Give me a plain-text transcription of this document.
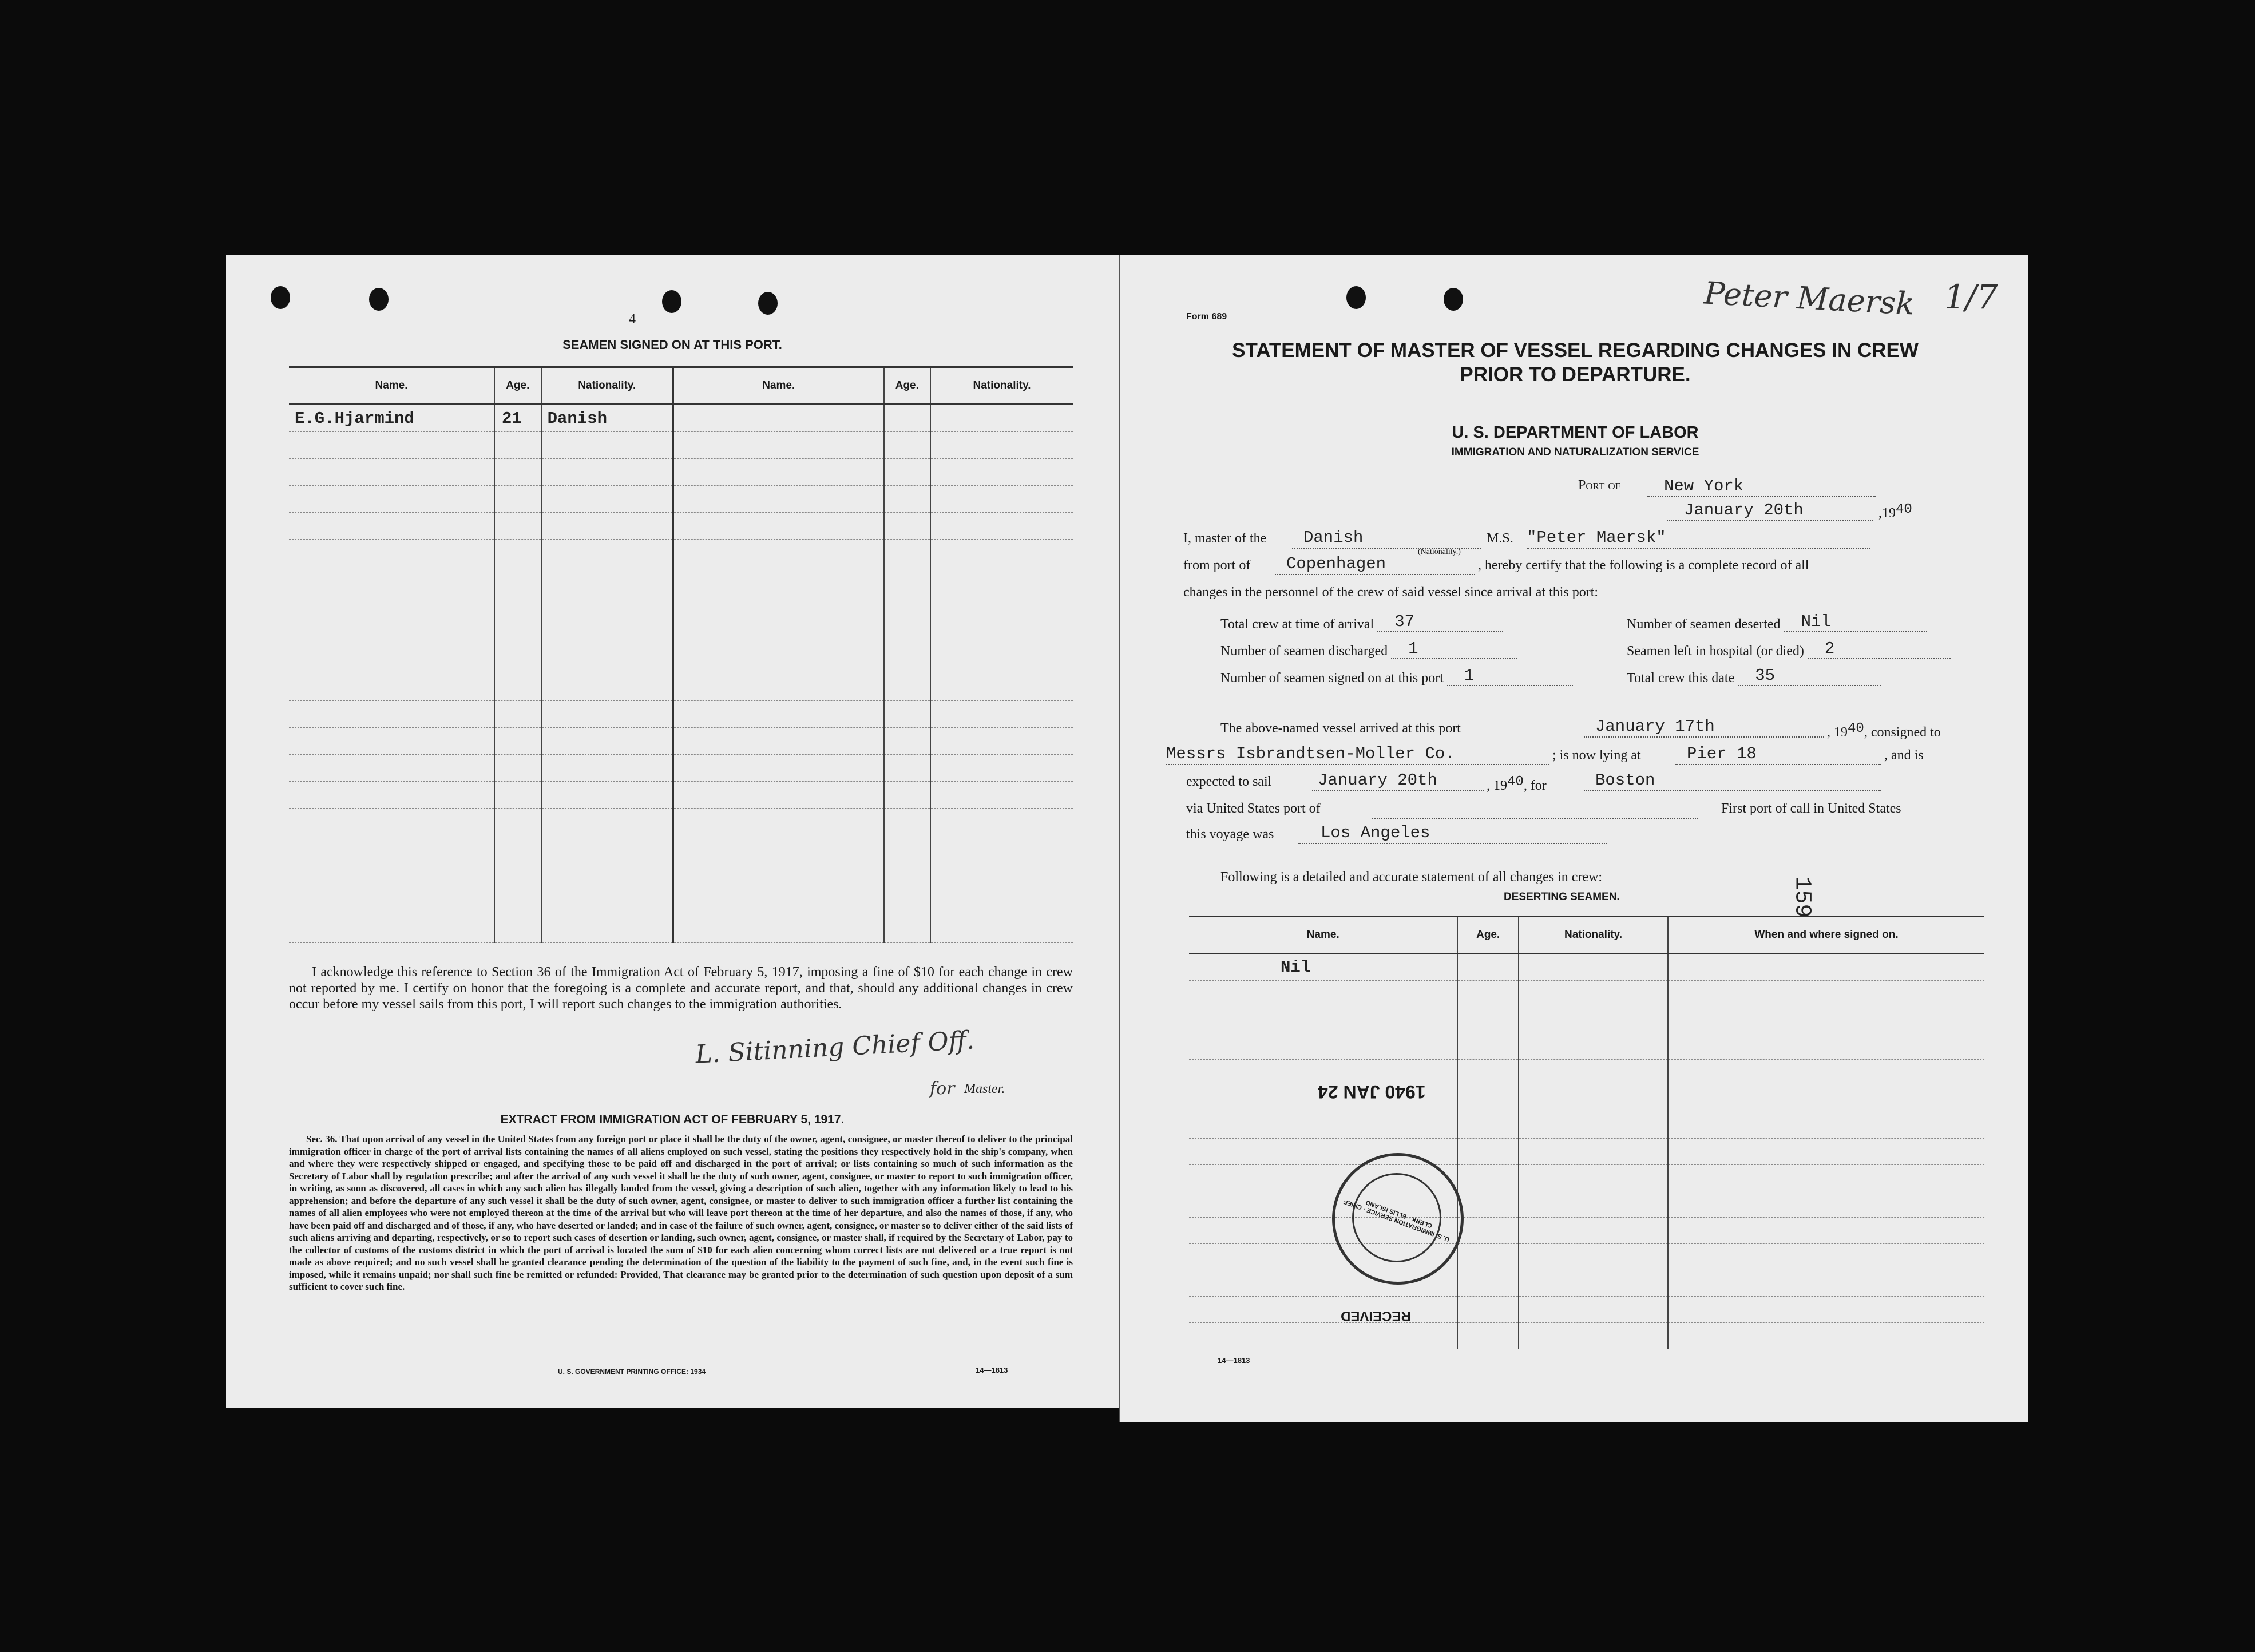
4
SEAMEN SIGNED ON AT THIS PORT.
Name.	Age.	Nationality.	Name.	Age.	Nationality.
E.G.Hjarmind	21	Danish			

I acknowledge this reference to Section 36 of the Immigration Act of February 5, 1917, imposing a fine of $10 for each change in crew not reported by me. I certify on honor that the foregoing is a complete and accurate report, and that, should any additional changes in crew occur before my vessel sails from this port, I will report such changes to the immigration authorities.
L. Sitinning Chief Off.
for Master.
EXTRACT FROM IMMIGRATION ACT OF FEBRUARY 5, 1917.
Sec. 36. That upon arrival of any vessel in the United States from any foreign port or place it shall be the duty of the owner, agent, consignee, or master thereof to deliver to the principal immigration officer in charge of the port of arrival lists containing the names of all aliens employed on such vessel, stating the positions they respectively hold in the ship's company, when and where they were respectively shipped or engaged, and specifying those to be paid off and discharged in the port of arrival; or lists containing so much of such information as the Secretary of Labor shall by regulation prescribe; and after the arrival of any such vessel it shall be the duty of such owner, agent, consignee, or master to report to such immigration officer, in writing, as soon as discovered, all cases in which any such alien has illegally landed from the vessel, giving a description of such alien, together with any information likely to lead to his apprehension; and before the departure of any such vessel it shall be the duty of such owner, agent, consignee, or master to deliver to such immigration officer a further list containing the names of all alien employees who were not employed thereon at the time of the arrival but who will leave port thereon at the time of her departure, and also the names of those, if any, who have been paid off and discharged and of those, if any, who have deserted or landed; and in case of the failure of such owner, agent, consignee, or master so to deliver either of the said lists of such aliens arriving and departing, respectively, or so to report such cases of desertion or landing, such owner, agent, consignee, or master shall, if required by the Secretary of Labor, pay to the collector of customs of the customs district in which the port of arrival is located the sum of $10 for each alien concerning whom correct lists are not delivered or a true report is not made as above required; and no such vessel shall be granted clearance pending the determination of the question of the liability to the payment of such fine, and, in the event such fine is imposed, while it remains unpaid; nor shall such fine be remitted or refunded: Provided, That clearance may be granted prior to the determination of such question upon deposit of a sum sufficient to cover such fine.
U. S. GOVERNMENT PRINTING OFFICE: 1934	14—1813
Peter Maersk 1/7
Form 689
STATEMENT OF MASTER OF VESSEL REGARDING CHANGES IN CREW
PRIOR TO DEPARTURE.
U. S. DEPARTMENT OF LABOR
IMMIGRATION AND NATURALIZATION SERVICE
Port of	New York
January 20th	,1940
I, master of the	Danish
(Nationality.)
M.S. "Peter Maersk"
from port of	Copenhagen	, hereby certify that the following is a complete record of all
changes in the personnel of the crew of said vessel since arrival at this port:
Total crew at time of arrival 37	Number of seamen deserted Nil
Number of seamen discharged 1	Seamen left in hospital (or died) 2
Number of seamen signed on at this port 1	Total crew this date 35
The above-named vessel arrived at this port	January 17th	, 1940, consigned to
Messrs Isbrandtsen-Moller Co.	; is now lying at	Pier 18	, and is
expected to sail	January 20th	, 1940, for	Boston
via United States port of	First port of call in United States
this voyage was	Los Angeles
Following is a detailed and accurate statement of all changes in crew:
DESERTING SEAMEN.	159
Name.	Age.	Nationality.	When and where signed on.
Nil			

1940 JAN 24
U. S. IMMIGRATION SERVICE · CHIEF CLERK · ELLIS ISLAND
RECEIVED
14—1813
